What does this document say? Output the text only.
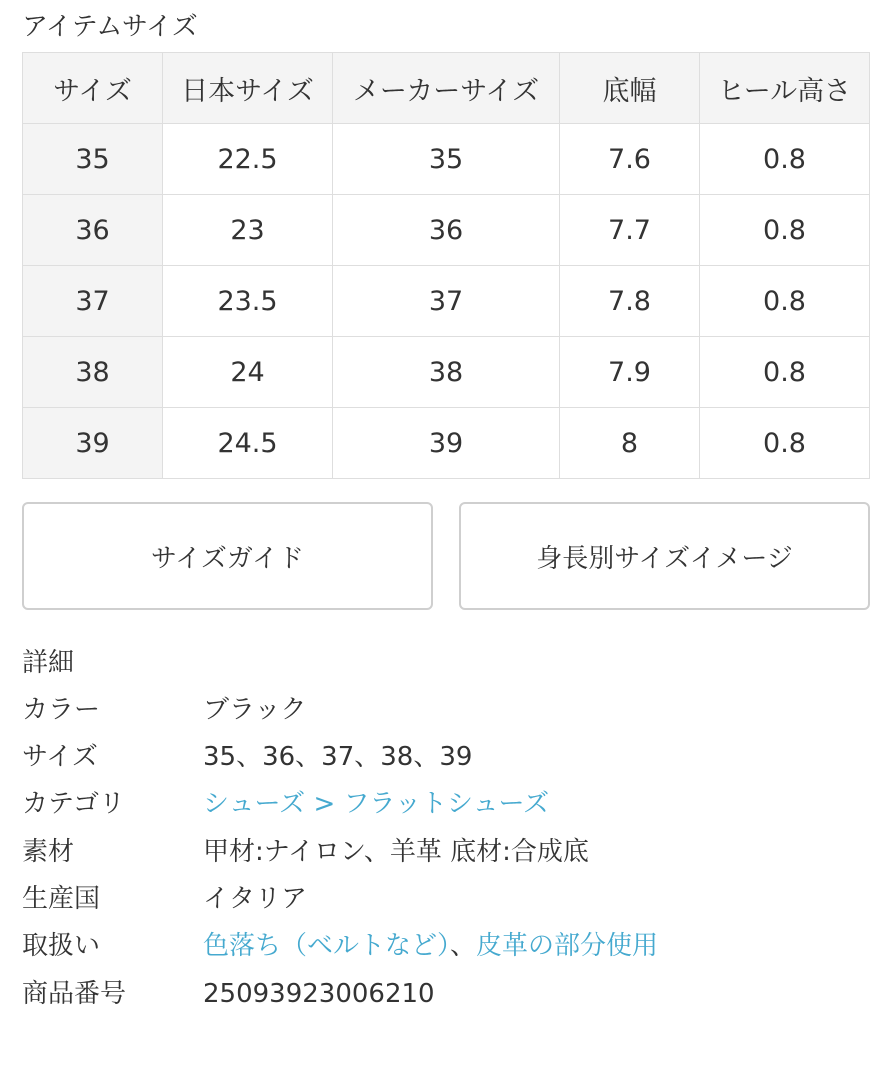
アイテムサイズ
サイズ	日本サイズ	メーカーサイズ	底幅	ヒール高さ
35	22.5	35	7.6	0.8
36	23	36	7.7	0.8
37	23.5	37	7.8	0.8
38	24	38	7.9	0.8
39	24.5	39	8	0.8
サイズガイド	身長別サイズイメージ
詳細
カラー	ブラック
サイズ	35、36、37、38、39
カテゴリ	シューズ > フラットシューズ
素材	甲材:ナイロン、羊革 底材:合成底
生産国	イタリア
取扱い	色落ち（ベルトなど）、皮革の部分使用
商品番号	25093923006210
